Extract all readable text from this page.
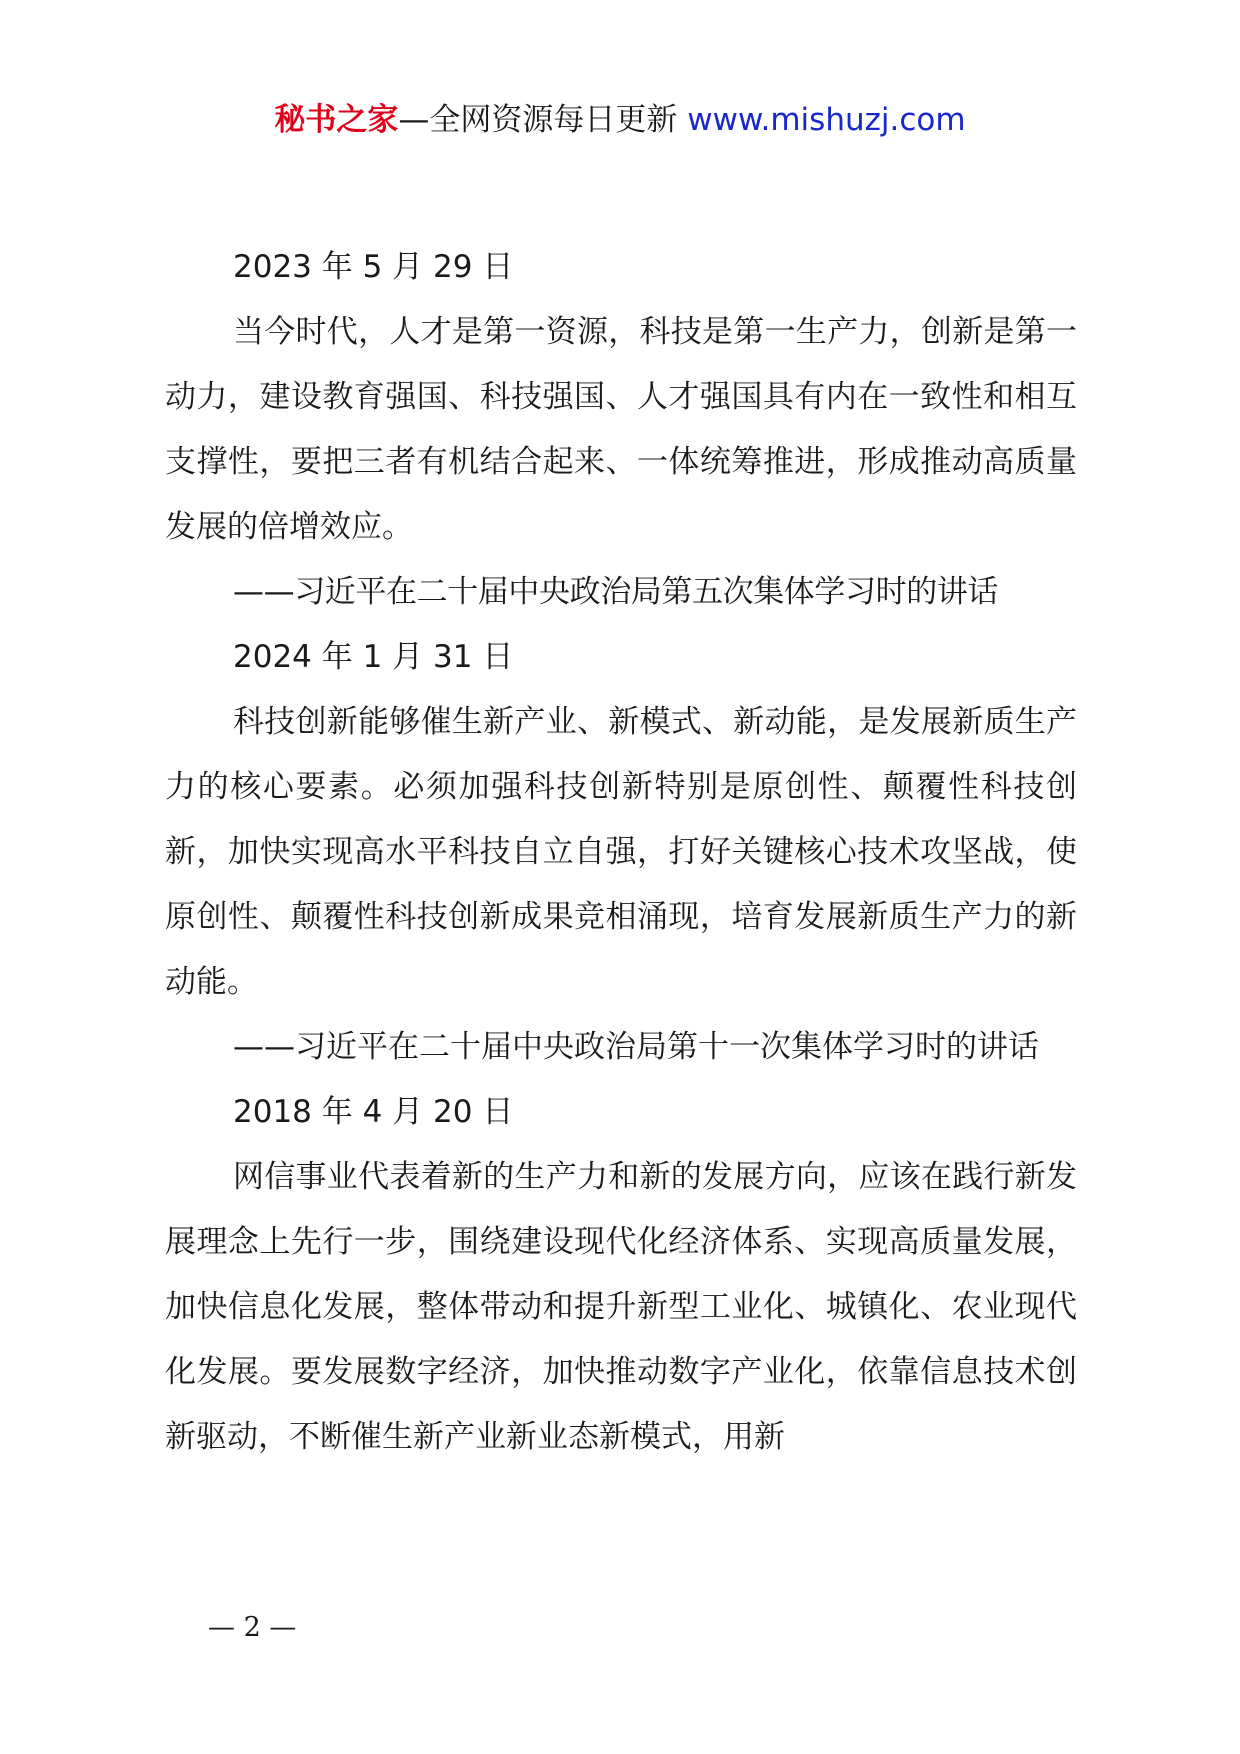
秘书之家—全网资源每日更新 www.mishuzj.com

2023 年 5 月 29 日

当今时代，人才是第一资源，科技是第一生产力，创新是第一动力，建设教育强国、科技强国、人才强国具有内在一致性和相互支撑性，要把三者有机结合起来、一体统筹推进，形成推动高质量发展的倍增效应。

——习近平在二十届中央政治局第五次集体学习时的讲话

2024 年 1 月 31 日

科技创新能够催生新产业、新模式、新动能，是发展新质生产力的核心要素。必须加强科技创新特别是原创性、颠覆性科技创新，加快实现高水平科技自立自强，打好关键核心技术攻坚战，使原创性、颠覆性科技创新成果竞相涌现，培育发展新质生产力的新动能。

——习近平在二十届中央政治局第十一次集体学习时的讲话

2018 年 4 月 20 日

网信事业代表着新的生产力和新的发展方向，应该在践行新发展理念上先行一步，围绕建设现代化经济体系、实现高质量发展，加快信息化发展，整体带动和提升新型工业化、城镇化、农业现代化发展。要发展数字经济，加快推动数字产业化，依靠信息技术创新驱动，不断催生新产业新业态新模式，用新

— 2 —
